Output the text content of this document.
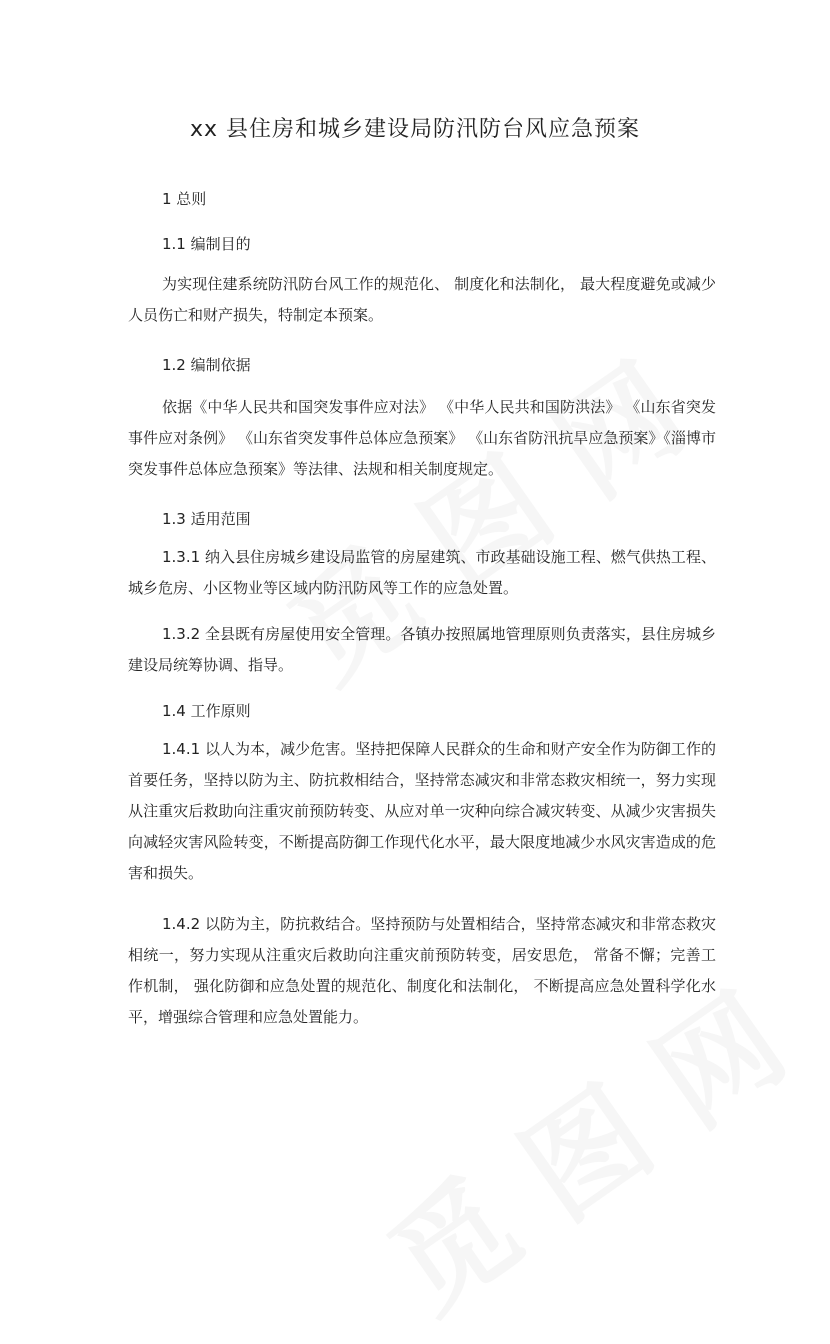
xx 县住房和城乡建设局防汛防台风应急预案
1 总则
1.1 编制目的

为实现住建系统防汛防台风工作的规范化、 制度化和法制化， 最大程度避免或减少人员伤亡和财产损失，特制定本预案。

1.2 编制依据

依据《中华人民共和国突发事件应对法》 《中华人民共和国防洪法》 《山东省突发事件应对条例》 《山东省突发事件总体应急预案》 《山东省防汛抗旱应急预案》《淄博市突发事件总体应急预案》等法律、法规和相关制度规定。

1.3 适用范围

1.3.1 纳入县住房城乡建设局监管的房屋建筑、市政基础设施工程、燃气供热工程、城乡危房、小区物业等区域内防汛防风等工作的应急处置。

1.3.2 全县既有房屋使用安全管理。各镇办按照属地管理原则负责落实，县住房城乡建设局统筹协调、指导。

1.4 工作原则

1.4.1 以人为本，减少危害。坚持把保障人民群众的生命和财产安全作为防御工作的首要任务，坚持以防为主、防抗救相结合，坚持常态减灾和非常态救灾相统一，努力实现从注重灾后救助向注重灾前预防转变、从应对单一灾种向综合减灾转变、从减少灾害损失向减轻灾害风险转变，不断提高防御工作现代化水平，最大限度地减少水风灾害造成的危害和损失。

1.4.2 以防为主，防抗救结合。坚持预防与处置相结合，坚持常态减灾和非常态救灾相统一，努力实现从注重灾后救助向注重灾前预防转变，居安思危， 常备不懈；完善工作机制， 强化防御和应急处置的规范化、制度化和法制化， 不断提高应急处置科学化水平，增强综合管理和应急处置能力。
